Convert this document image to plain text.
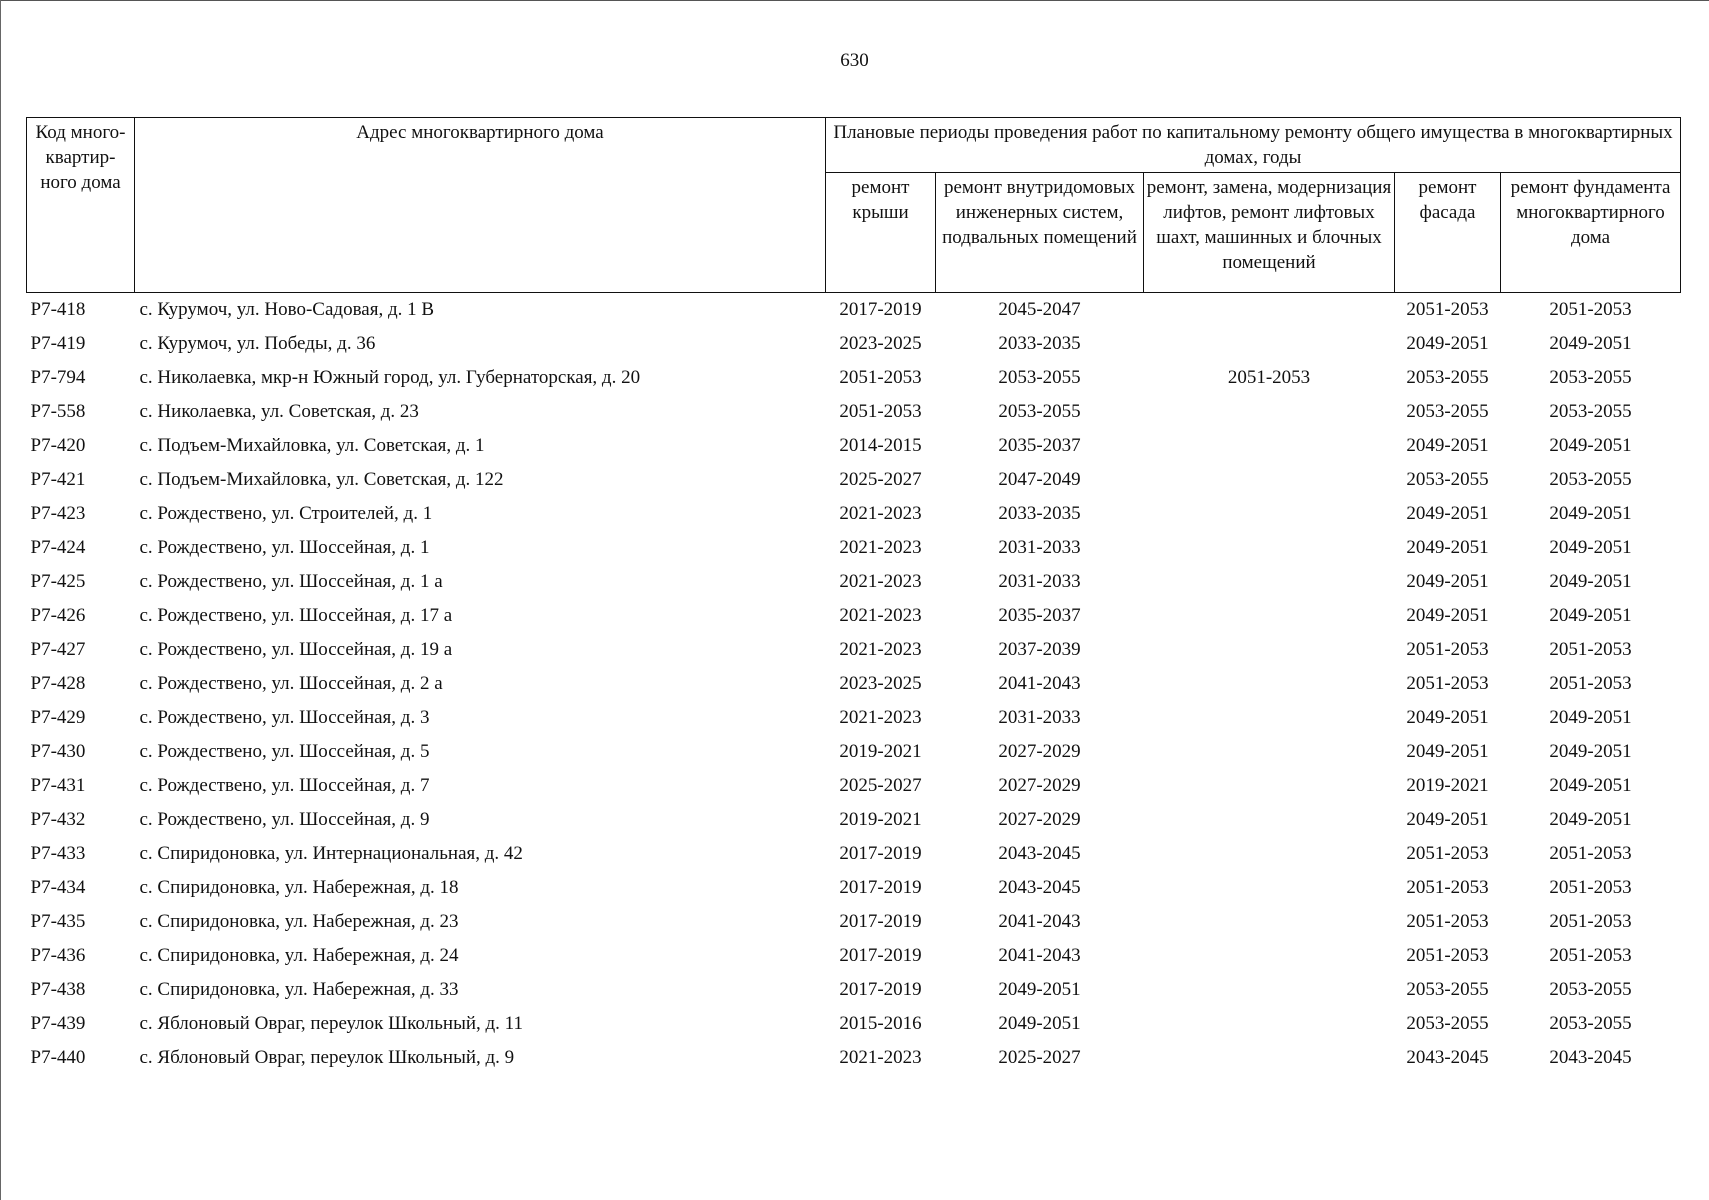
630
Код много-квартир-ного дома	Адрес многоквартирного дома	Плановые периоды проведения работ по капитальному ремонту общего имущества в многоквартирных домах, годы				
		ремонт крыши	ремонт внутридомовых инженерных систем, подвальных помещений	ремонт, замена, модернизация лифтов, ремонт лифтовых шахт, машинных и блочных помещений	ремонт фасада	ремонт фундамента многоквартирного дома
Р7-418	с. Курумоч, ул. Ново-Садовая, д. 1 В	2017-2019	2045-2047		2051-2053	2051-2053
Р7-419	с. Курумоч, ул. Победы, д. 36	2023-2025	2033-2035		2049-2051	2049-2051
Р7-794	с. Николаевка, мкр-н Южный город, ул. Губернаторская, д. 20	2051-2053	2053-2055	2051-2053	2053-2055	2053-2055
Р7-558	с. Николаевка, ул. Советская, д. 23	2051-2053	2053-2055		2053-2055	2053-2055
Р7-420	с. Подъем-Михайловка, ул. Советская, д. 1	2014-2015	2035-2037		2049-2051	2049-2051
Р7-421	с. Подъем-Михайловка, ул. Советская, д. 122	2025-2027	2047-2049		2053-2055	2053-2055
Р7-423	с. Рождествено, ул. Строителей, д. 1	2021-2023	2033-2035		2049-2051	2049-2051
Р7-424	с. Рождествено, ул. Шоссейная, д. 1	2021-2023	2031-2033		2049-2051	2049-2051
Р7-425	с. Рождествено, ул. Шоссейная, д. 1 а	2021-2023	2031-2033		2049-2051	2049-2051
Р7-426	с. Рождествено, ул. Шоссейная, д. 17 а	2021-2023	2035-2037		2049-2051	2049-2051
Р7-427	с. Рождествено, ул. Шоссейная, д. 19 а	2021-2023	2037-2039		2051-2053	2051-2053
Р7-428	с. Рождествено, ул. Шоссейная, д. 2 а	2023-2025	2041-2043		2051-2053	2051-2053
Р7-429	с. Рождествено, ул. Шоссейная, д. 3	2021-2023	2031-2033		2049-2051	2049-2051
Р7-430	с. Рождествено, ул. Шоссейная, д. 5	2019-2021	2027-2029		2049-2051	2049-2051
Р7-431	с. Рождествено, ул. Шоссейная, д. 7	2025-2027	2027-2029		2019-2021	2049-2051
Р7-432	с. Рождествено, ул. Шоссейная, д. 9	2019-2021	2027-2029		2049-2051	2049-2051
Р7-433	с. Спиридоновка, ул. Интернациональная, д. 42	2017-2019	2043-2045		2051-2053	2051-2053
Р7-434	с. Спиридоновка, ул. Набережная, д. 18	2017-2019	2043-2045		2051-2053	2051-2053
Р7-435	с. Спиридоновка, ул. Набережная, д. 23	2017-2019	2041-2043		2051-2053	2051-2053
Р7-436	с. Спиридоновка, ул. Набережная, д. 24	2017-2019	2041-2043		2051-2053	2051-2053
Р7-438	с. Спиридоновка, ул. Набережная, д. 33	2017-2019	2049-2051		2053-2055	2053-2055
Р7-439	с. Яблоновый Овраг, переулок Школьный, д. 11	2015-2016	2049-2051		2053-2055	2053-2055
Р7-440	с. Яблоновый Овраг, переулок Школьный, д. 9	2021-2023	2025-2027		2043-2045	2043-2045
